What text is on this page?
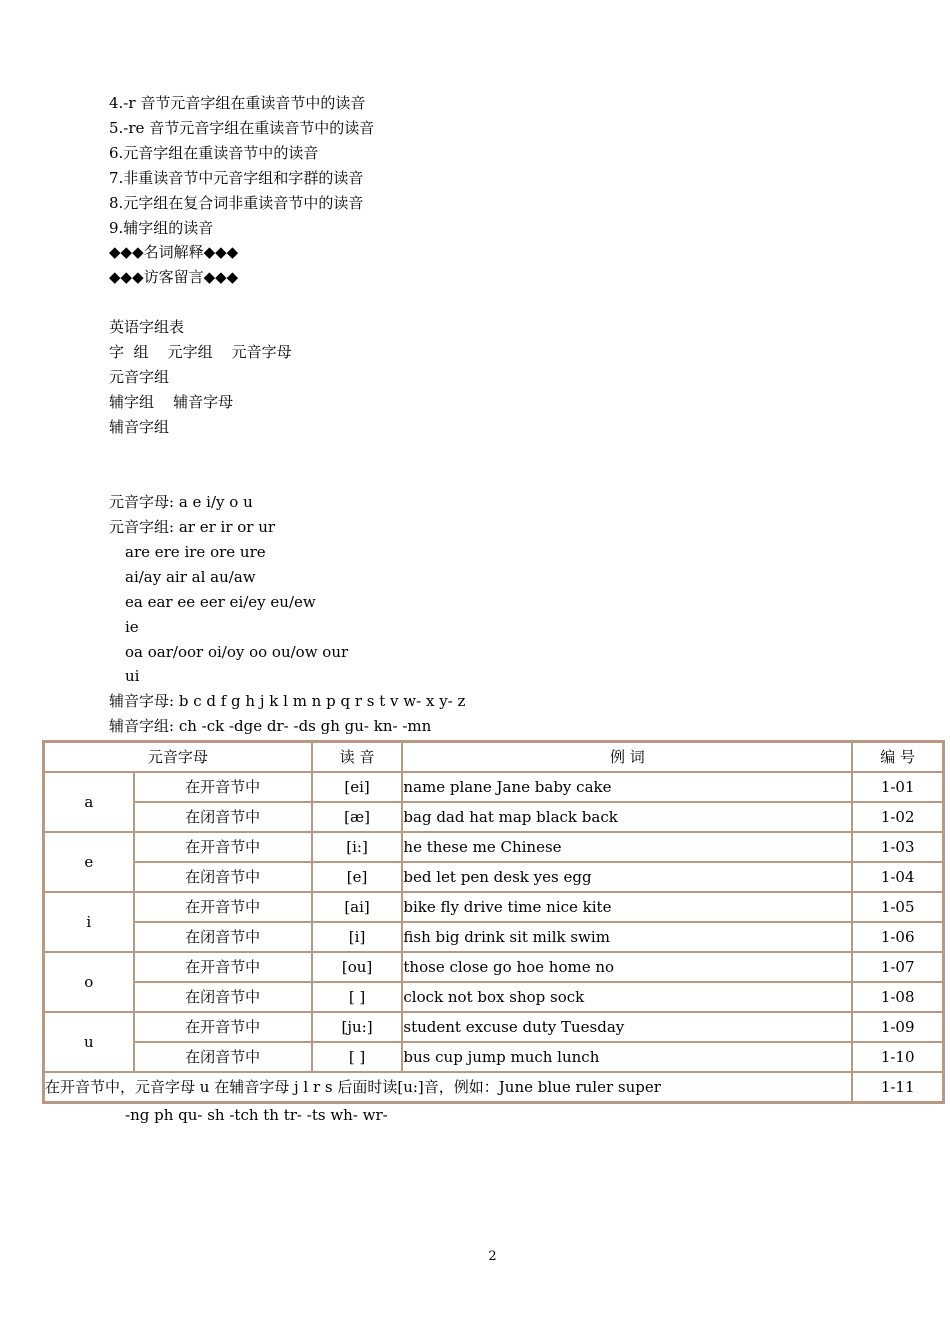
4.-r 音节元音字组在重读音节中的读音
5.-re 音节元音字组在重读音节中的读音
6.元音字组在重读音节中的读音
7.非重读音节中元音字组和字群的读音
8.元字组在复合词非重读音节中的读音
9.辅字组的读音
◆◆◆名词解释◆◆◆
◆◆◆访客留言◆◆◆
英语字组表
字  组    元字组    元音字母
元音字组
辅字组    辅音字母
辅音字组
元音字母: a e i/y o u
元音字组: ar er ir or ur
are ere ire ore ure
ai/ay air al au/aw
ea ear ee eer ei/ey eu/ew
ie
oa oar/oor oi/oy oo ou/ow our
ui
辅音字母: b c d f g h j k l m n p q r s t v w- x y- z
辅音字组: ch -ck -dge dr- -ds gh gu- kn- -mn
元音字母		读 音	例 词	编 号
a	在开音节中	[ei]	name plane Jane baby cake	1-01
	在闭音节中	[æ]	bag dad hat map black back	1-02
e	在开音节中	[i:]	he these me Chinese	1-03
	在闭音节中	[e]	bed let pen desk yes egg	1-04
i	在开音节中	[ai]	bike fly drive time nice kite	1-05
	在闭音节中	[i]	fish big drink sit milk swim	1-06
o	在开音节中	[ou]	those close go hoe home no	1-07
	在闭音节中	[ ]	clock not box shop sock	1-08
u	在开音节中	[ju:]	student excuse duty Tuesday	1-09
	在闭音节中	[ ]	bus cup jump much lunch	1-10
在开音节中，元音字母 u 在辅音字母 j l r s 后面时读[u:]音，例如：June blue ruler super				1-11
-ng ph qu- sh -tch th tr- -ts wh- wr-
2
